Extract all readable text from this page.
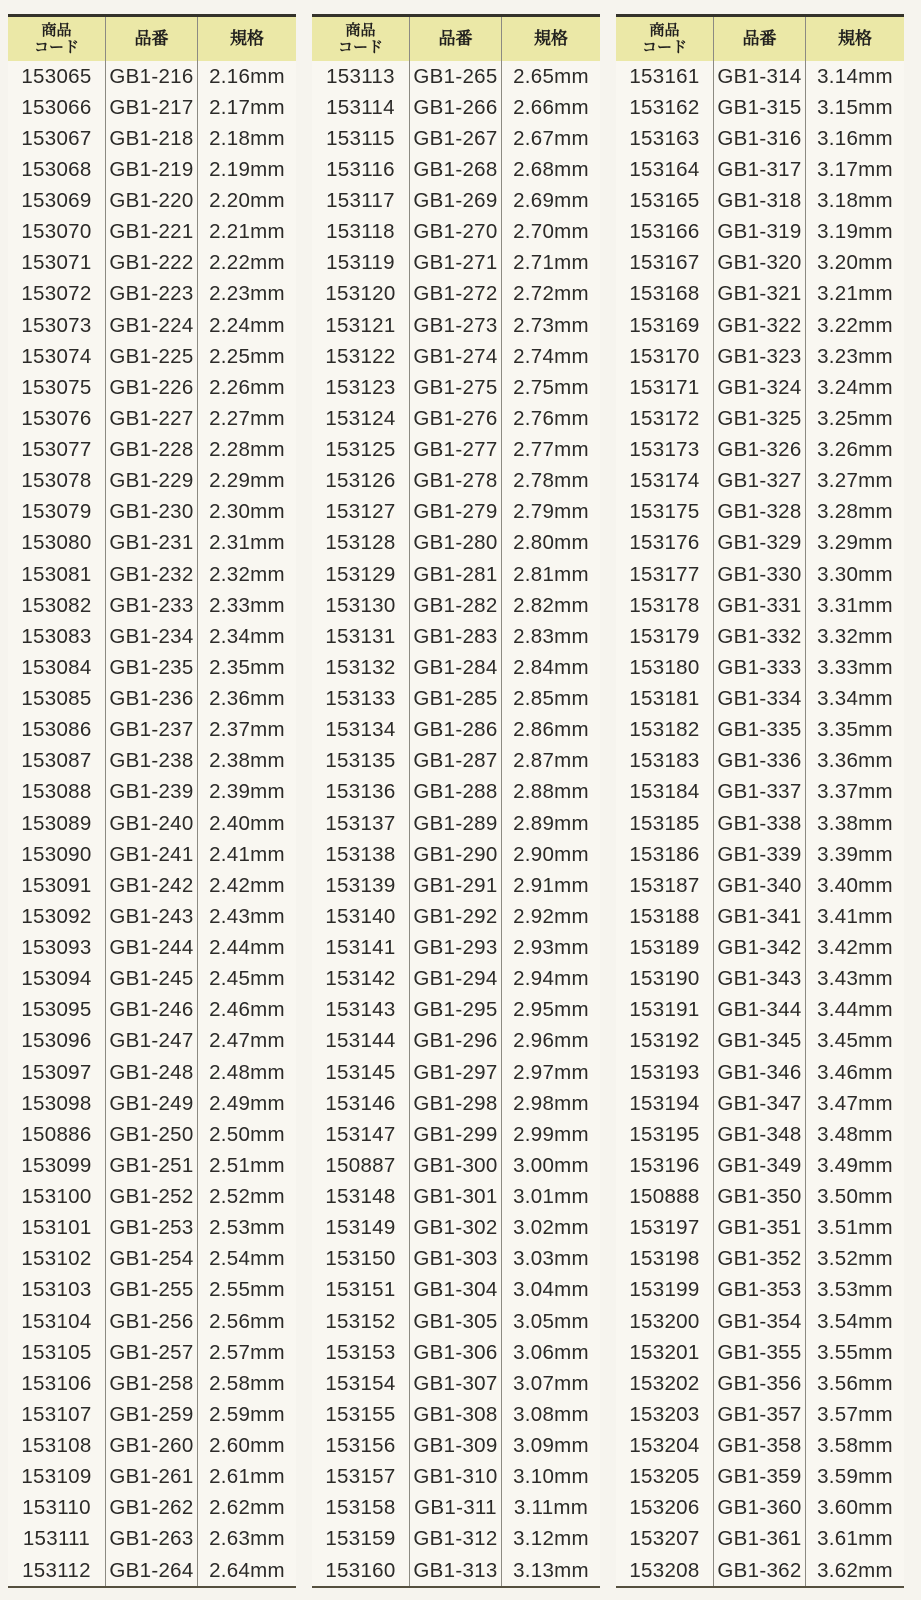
商品
コード	品番	規格
153065 GB1-216 2.16mm
153066 GB1-217 2.17mm
153067 GB1-218 2.18mm
153068 GB1-219 2.19mm
153069 GB1-220 2.20mm
153070 GB1-221 2.21mm
153071 GB1-222 2.22mm
153072 GB1-223 2.23mm
153073 GB1-224 2.24mm
153074 GB1-225 2.25mm
153075 GB1-226 2.26mm
153076 GB1-227 2.27mm
153077 GB1-228 2.28mm
153078 GB1-229 2.29mm
153079 GB1-230 2.30mm
153080 GB1-231 2.31mm
153081 GB1-232 2.32mm
153082 GB1-233 2.33mm
153083 GB1-234 2.34mm
153084 GB1-235 2.35mm
153085 GB1-236 2.36mm
153086 GB1-237 2.37mm
153087 GB1-238 2.38mm
153088 GB1-239 2.39mm
153089 GB1-240 2.40mm
153090 GB1-241 2.41mm
153091 GB1-242 2.42mm
153092 GB1-243 2.43mm
153093 GB1-244 2.44mm
153094 GB1-245 2.45mm
153095 GB1-246 2.46mm
153096 GB1-247 2.47mm
153097 GB1-248 2.48mm
153098 GB1-249 2.49mm
150886 GB1-250 2.50mm
153099 GB1-251 2.51mm
153100 GB1-252 2.52mm
153101 GB1-253 2.53mm
153102 GB1-254 2.54mm
153103 GB1-255 2.55mm
153104 GB1-256 2.56mm
153105 GB1-257 2.57mm
153106 GB1-258 2.58mm
153107 GB1-259 2.59mm
153108 GB1-260 2.60mm
153109 GB1-261 2.61mm
153110 GB1-262 2.62mm
153111 GB1-263 2.63mm
153112 GB1-264 2.64mm
商品
コード	品番	規格
153113 GB1-265 2.65mm
153114 GB1-266 2.66mm
153115 GB1-267 2.67mm
153116 GB1-268 2.68mm
153117 GB1-269 2.69mm
153118 GB1-270 2.70mm
153119 GB1-271 2.71mm
153120 GB1-272 2.72mm
153121 GB1-273 2.73mm
153122 GB1-274 2.74mm
153123 GB1-275 2.75mm
153124 GB1-276 2.76mm
153125 GB1-277 2.77mm
153126 GB1-278 2.78mm
153127 GB1-279 2.79mm
153128 GB1-280 2.80mm
153129 GB1-281 2.81mm
153130 GB1-282 2.82mm
153131 GB1-283 2.83mm
153132 GB1-284 2.84mm
153133 GB1-285 2.85mm
153134 GB1-286 2.86mm
153135 GB1-287 2.87mm
153136 GB1-288 2.88mm
153137 GB1-289 2.89mm
153138 GB1-290 2.90mm
153139 GB1-291 2.91mm
153140 GB1-292 2.92mm
153141 GB1-293 2.93mm
153142 GB1-294 2.94mm
153143 GB1-295 2.95mm
153144 GB1-296 2.96mm
153145 GB1-297 2.97mm
153146 GB1-298 2.98mm
153147 GB1-299 2.99mm
150887 GB1-300 3.00mm
153148 GB1-301 3.01mm
153149 GB1-302 3.02mm
153150 GB1-303 3.03mm
153151 GB1-304 3.04mm
153152 GB1-305 3.05mm
153153 GB1-306 3.06mm
153154 GB1-307 3.07mm
153155 GB1-308 3.08mm
153156 GB1-309 3.09mm
153157 GB1-310 3.10mm
153158 GB1-311 3.11mm
153159 GB1-312 3.12mm
153160 GB1-313 3.13mm
商品
コード	品番	規格
153161 GB1-314 3.14mm
153162 GB1-315 3.15mm
153163 GB1-316 3.16mm
153164 GB1-317 3.17mm
153165 GB1-318 3.18mm
153166 GB1-319 3.19mm
153167 GB1-320 3.20mm
153168 GB1-321 3.21mm
153169 GB1-322 3.22mm
153170 GB1-323 3.23mm
153171 GB1-324 3.24mm
153172 GB1-325 3.25mm
153173 GB1-326 3.26mm
153174 GB1-327 3.27mm
153175 GB1-328 3.28mm
153176 GB1-329 3.29mm
153177 GB1-330 3.30mm
153178 GB1-331 3.31mm
153179 GB1-332 3.32mm
153180 GB1-333 3.33mm
153181 GB1-334 3.34mm
153182 GB1-335 3.35mm
153183 GB1-336 3.36mm
153184 GB1-337 3.37mm
153185 GB1-338 3.38mm
153186 GB1-339 3.39mm
153187 GB1-340 3.40mm
153188 GB1-341 3.41mm
153189 GB1-342 3.42mm
153190 GB1-343 3.43mm
153191 GB1-344 3.44mm
153192 GB1-345 3.45mm
153193 GB1-346 3.46mm
153194 GB1-347 3.47mm
153195 GB1-348 3.48mm
153196 GB1-349 3.49mm
150888 GB1-350 3.50mm
153197 GB1-351 3.51mm
153198 GB1-352 3.52mm
153199 GB1-353 3.53mm
153200 GB1-354 3.54mm
153201 GB1-355 3.55mm
153202 GB1-356 3.56mm
153203 GB1-357 3.57mm
153204 GB1-358 3.58mm
153205 GB1-359 3.59mm
153206 GB1-360 3.60mm
153207 GB1-361 3.61mm
153208 GB1-362 3.62mm
